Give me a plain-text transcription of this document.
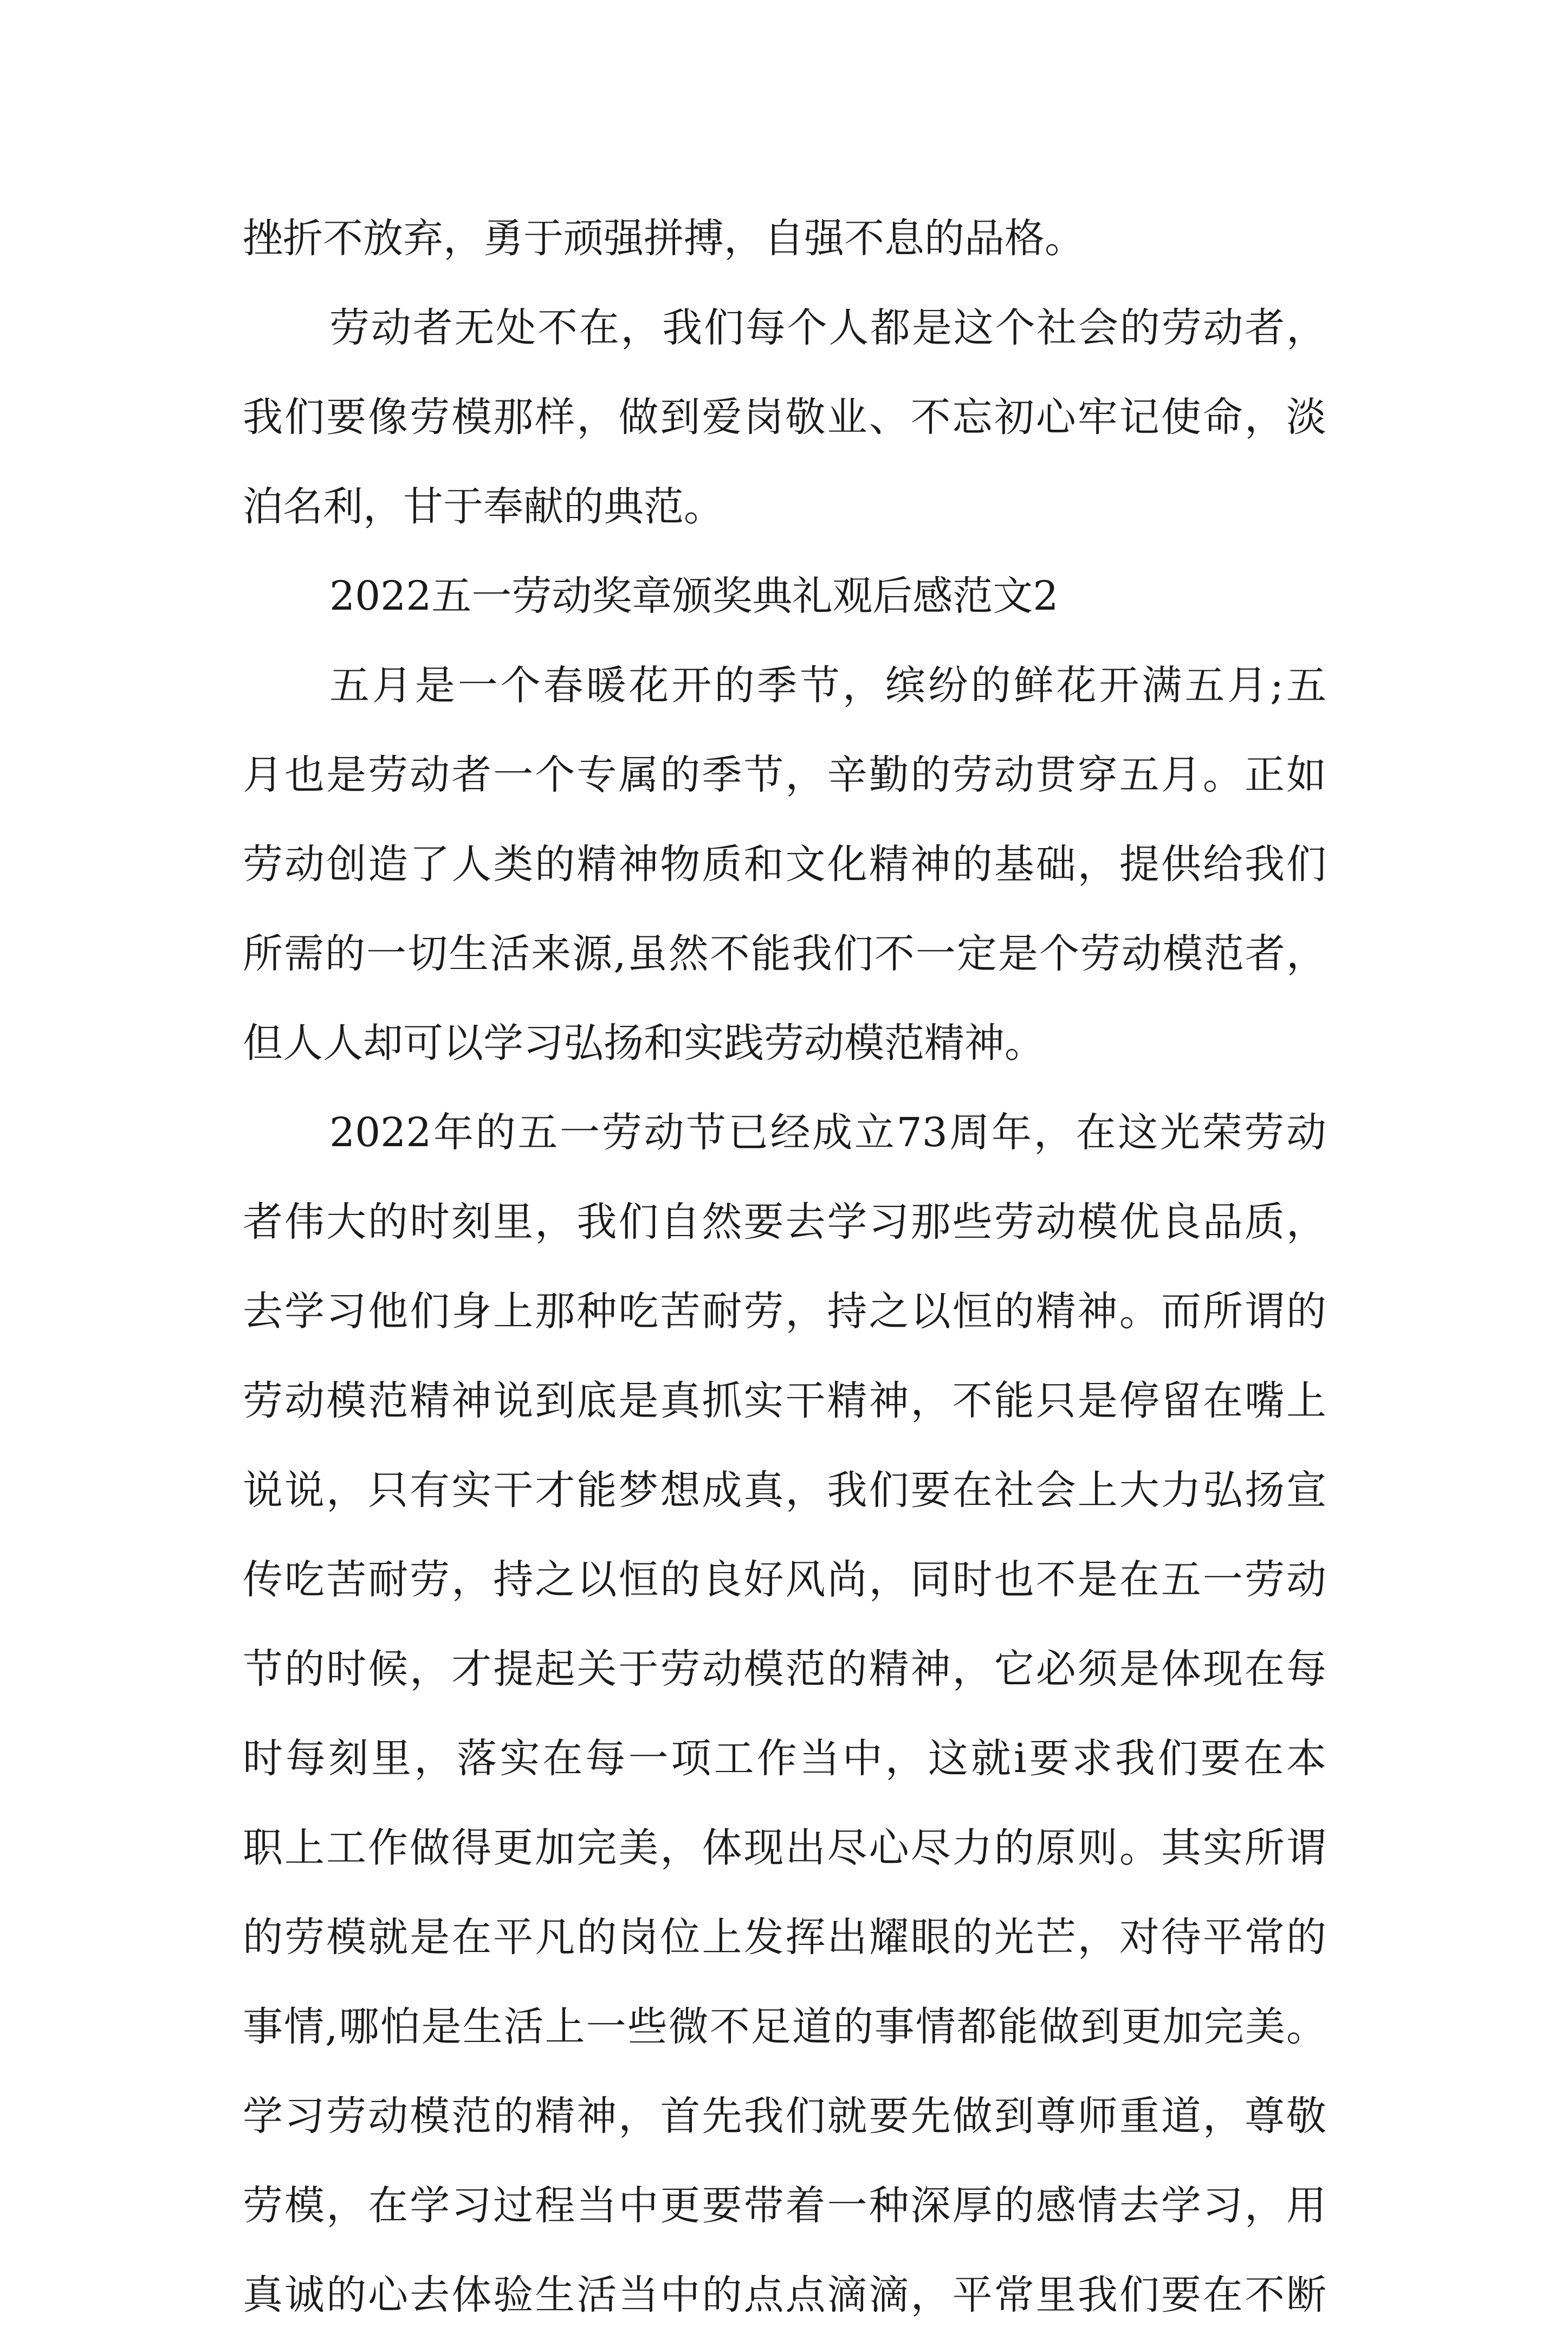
挫折不放弃，勇于顽强拼搏，自强不息的品格。
劳动者无处不在，我们每个人都是这个社会的劳动者，
我们要像劳模那样，做到爱岗敬业、不忘初心牢记使命，淡
泊名利，甘于奉献的典范。
2022五一劳动奖章颁奖典礼观后感范文2
五月是一个春暖花开的季节，缤纷的鲜花开满五月;五
月也是劳动者一个专属的季节，辛勤的劳动贯穿五月。正如
劳动创造了人类的精神物质和文化精神的基础，提供给我们
所需的一切生活来源,虽然不能我们不一定是个劳动模范者，
但人人却可以学习弘扬和实践劳动模范精神。
2022年的五一劳动节已经成立73周年，在这光荣劳动
者伟大的时刻里，我们自然要去学习那些劳动模优良品质，
去学习他们身上那种吃苦耐劳，持之以恒的精神。而所谓的
劳动模范精神说到底是真抓实干精神，不能只是停留在嘴上
说说，只有实干才能梦想成真，我们要在社会上大力弘扬宣
传吃苦耐劳，持之以恒的良好风尚，同时也不是在五一劳动
节的时候，才提起关于劳动模范的精神，它必须是体现在每
时每刻里，落实在每一项工作当中，这就i要求我们要在本
职上工作做得更加完美，体现出尽心尽力的原则。其实所谓
的劳模就是在平凡的岗位上发挥出耀眼的光芒，对待平常的
事情,哪怕是生活上一些微不足道的事情都能做到更加完美。
学习劳动模范的精神，首先我们就要先做到尊师重道，尊敬
劳模，在学习过程当中更要带着一种深厚的感情去学习，用
真诚的心去体验生活当中的点点滴滴，平常里我们要在不断
